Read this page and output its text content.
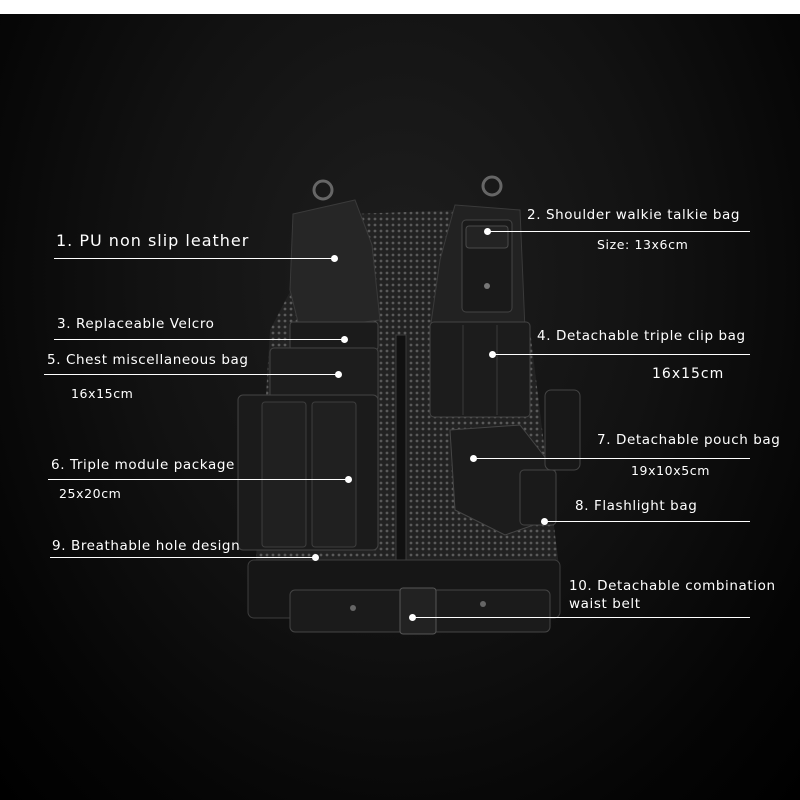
1. PU non slip leather
2. Shoulder walkie talkie bag
Size: 13x6cm
3. Replaceable Velcro
4. Detachable triple clip bag
16x15cm
5. Chest miscellaneous bag
16x15cm
7. Detachable pouch bag
19x10x5cm
6. Triple module package
25x20cm
8. Flashlight bag
9. Breathable hole design
10. Detachable combination
waist belt
